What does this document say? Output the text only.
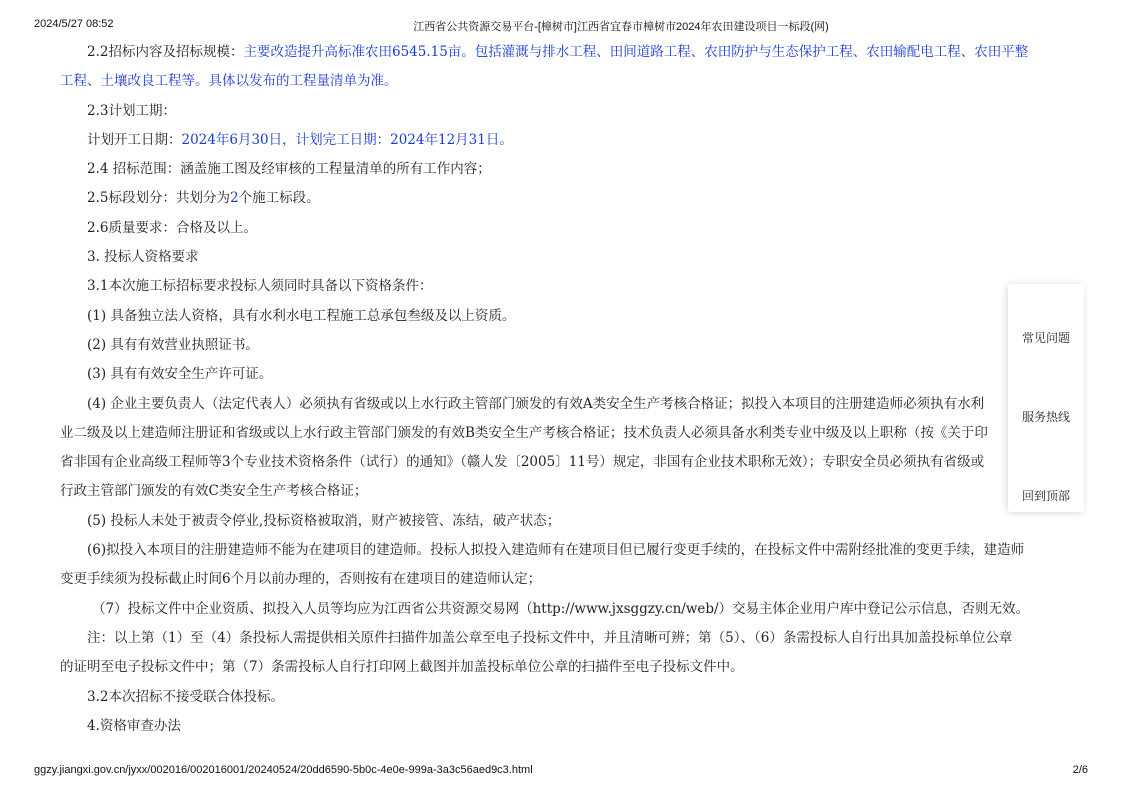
2024/5/27 08:52	江西省公共资源交易平台-[樟树市]江西省宜春市樟树市2024年农田建设项目一标段(网)

2.2招标内容及招标规模：主要改造提升高标准农田6545.15亩。包括灌溉与排水工程、田间道路工程、农田防护与生态保护工程、农田输配电工程、农田平整

工程、土壤改良工程等。具体以发布的工程量清单为准。

2.3计划工期：

计划开工日期：2024年6月30日，计划完工日期：2024年12月31日。

2.4 招标范围：涵盖施工图及经审核的工程量清单的所有工作内容；

2.5标段划分：共划分为2个施工标段。

2.6质量要求：合格及以上。

3. 投标人资格要求

3.1本次施工标招标要求投标人须同时具备以下资格条件：

(1) 具备独立法人资格，具有水利水电工程施工总承包叁级及以上资质。

(2) 具有有效营业执照证书。

(3) 具有有效安全生产许可证。

(4) 企业主要负责人（法定代表人）必须执有省级或以上水行政主管部门颁发的有效A类安全生产考核合格证；拟投入本项目的注册建造师必须执有水利

业二级及以上建造师注册证和省级或以上水行政主管部门颁发的有效B类安全生产考核合格证；技术负责人必须具备水利类专业中级及以上职称（按《关于印

省非国有企业高级工程师等3个专业技术资格条件（试行）的通知》（赣人发〔2005〕11号）规定，非国有企业技术职称无效）；专职安全员必须执有省级或

行政主管部门颁发的有效C类安全生产考核合格证；

(5) 投标人未处于被责令停业,投标资格被取消，财产被接管、冻结，破产状态；

(6)拟投入本项目的注册建造师不能为在建项目的建造师。投标人拟投入建造师有在建项目但已履行变更手续的，在投标文件中需附经批准的变更手续，建造师

变更手续须为投标截止时间6个月以前办理的，否则按有在建项目的建造师认定；

（7）投标文件中企业资质、拟投入人员等均应为江西省公共资源交易网（http://www.jxsggzy.cn/web/）交易主体企业用户库中登记公示信息，否则无效。

注：以上第（1）至（4）条投标人需提供相关原件扫描件加盖公章至电子投标文件中，并且清晰可辨；第（5）、（6）条需投标人自行出具加盖投标单位公章

的证明至电子投标文件中；第（7）条需投标人自行打印网上截图并加盖投标单位公章的扫描件至电子投标文件中。

3.2本次招标不接受联合体投标。

4.资格审查办法

常见问题
服务热线
回到顶部
ggzy.jiangxi.gov.cn/jyxx/002016/002016001/20240524/20dd6590-5b0c-4e0e-999a-3a3c56aed9c3.html	2/6
